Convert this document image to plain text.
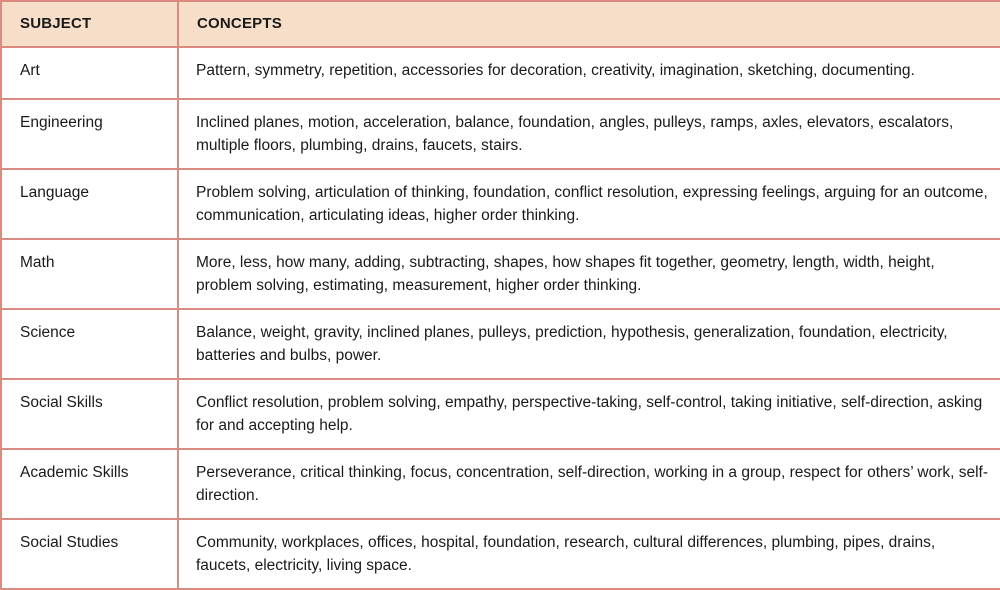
SUBJECT	CONCEPTS
Art	Pattern, symmetry, repetition, accessories for decoration, creativity, imagination, sketching, documenting.
Engineering	Inclined planes, motion, acceleration, balance, foundation, angles, pulleys, ramps, axles, elevators, escalators, multiple floors, plumbing, drains, faucets, stairs.
Language	Problem solving, articulation of thinking, foundation, conflict resolution, expressing feelings, arguing for an outcome, communication, articulating ideas, higher order thinking.
Math	More, less, how many, adding, subtracting, shapes, how shapes fit together, geometry, length, width, height, problem solving, estimating, measurement, higher order thinking.
Science	Balance, weight, gravity, inclined planes, pulleys, prediction, hypothesis, generalization, foundation, electricity, batteries and bulbs, power.
Social Skills	Conflict resolution, problem solving, empathy, perspective-taking, self-control, taking initiative, self-direction, asking for and accepting help.
Academic Skills	Perseverance, critical thinking, focus, concentration, self-direction, working in a group, respect for others’ work, self-direction.
Social Studies	Community, workplaces, offices, hospital, foundation, research, cultural differences, plumbing, pipes, drains, faucets, electricity, living space.
